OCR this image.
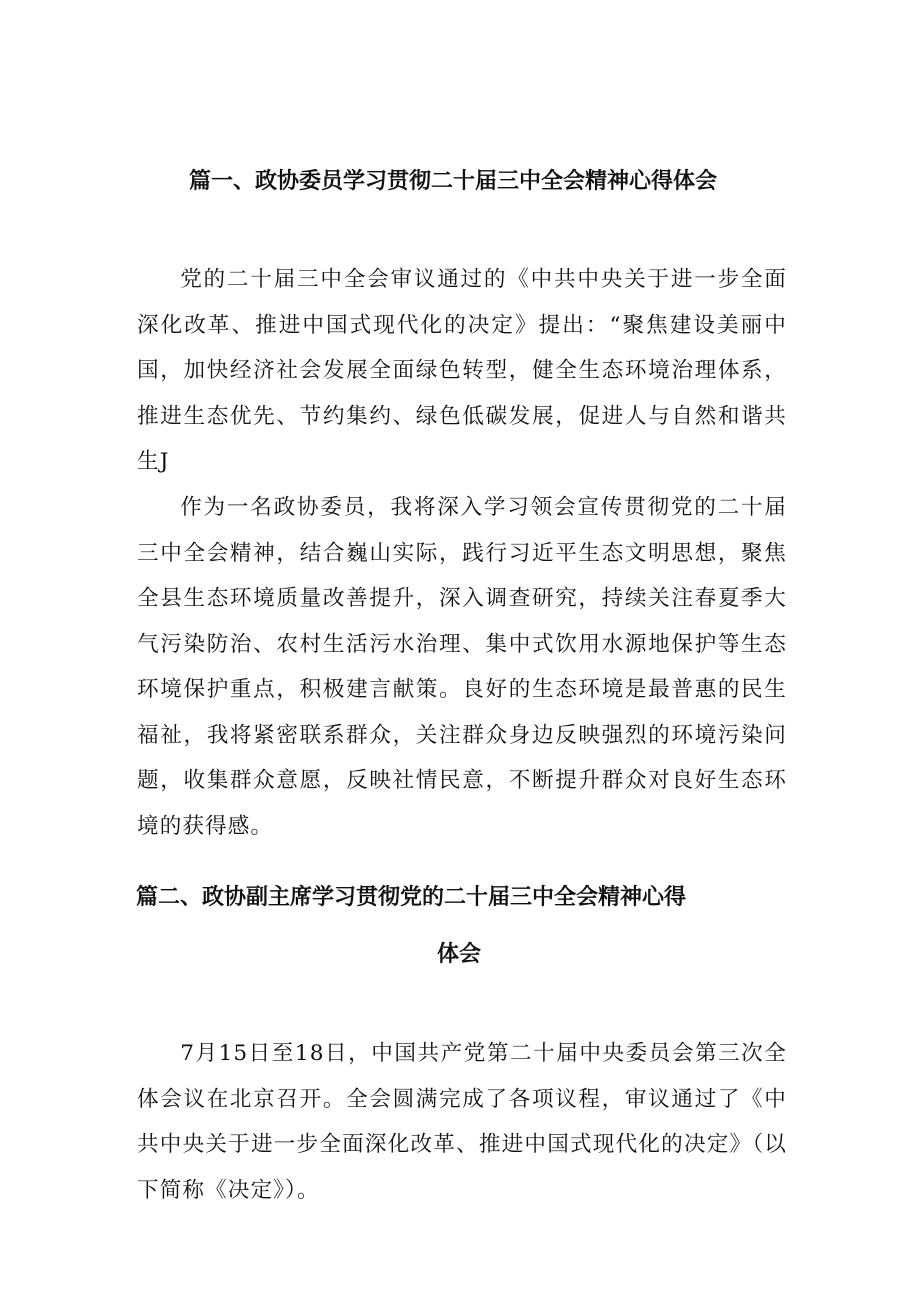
篇一、政协委员学习贯彻二十届三中全会精神心得体会

党的二十届三中全会审议通过的《中共中央关于进一步全面深化改革、推进中国式现代化的决定》提出：“聚焦建设美丽中国，加快经济社会发展全面绿色转型，健全生态环境治理体系，推进生态优先、节约集约、绿色低碳发展，促进人与自然和谐共生J

作为一名政协委员，我将深入学习领会宣传贯彻党的二十届三中全会精神，结合巍山实际，践行习近平生态文明思想，聚焦全县生态环境质量改善提升，深入调查研究，持续关注春夏季大气污染防治、农村生活污水治理、集中式饮用水源地保护等生态环境保护重点，积极建言献策。良好的生态环境是最普惠的民生福祉，我将紧密联系群众，关注群众身边反映强烈的环境污染问题，收集群众意愿，反映社情民意，不断提升群众对良好生态环境的获得感。

篇二、政协副主席学习贯彻党的二十届三中全会精神心得
体会

7月15日至18日，中国共产党第二十届中央委员会第三次全体会议在北京召开。全会圆满完成了各项议程，审议通过了《中共中央关于进一步全面深化改革、推进中国式现代化的决定》（以下简称《决定》）。
